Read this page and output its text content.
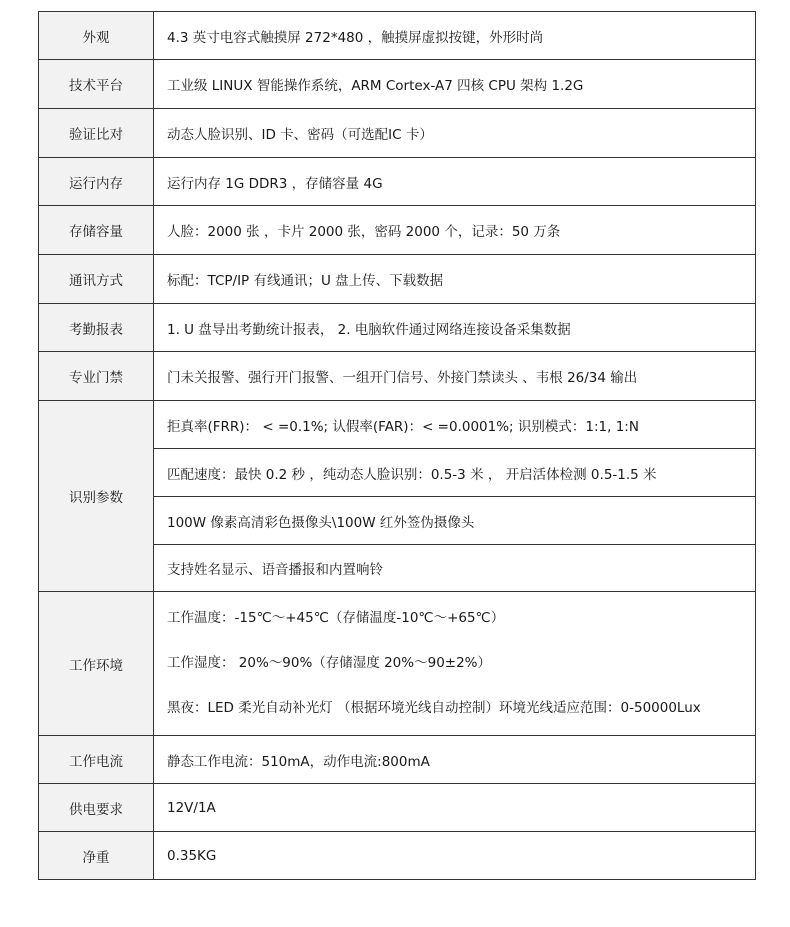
外观	4.3 英寸电容式触摸屏 272*480 ，触摸屏虚拟按键，外形时尚
技术平台	工业级 LINUX 智能操作系统，ARM Cortex-A7 四核 CPU 架构 1.2G
验证比对	动态人脸识别、ID 卡、密码（可选配IC 卡）
运行内存	运行内存 1G DDR3 ，存储容量 4G
存储容量	人脸：2000 张 ，卡片 2000 张，密码 2000 个，记录：50 万条
通讯方式	标配：TCP/IP 有线通讯；U 盘上传、下载数据
考勤报表	1. U 盘导出考勤统计报表， 2. 电脑软件通过网络连接设备采集数据
专业门禁	门未关报警、强行开门报警、一组开门信号、外接门禁读头 、韦根 26/34 输出
识别参数	拒真率(FRR)： < =0.1%; 认假率(FAR)：< =0.0001%; 识别模式：1:1, 1:N
	匹配速度：最快 0.2 秒 ，纯动态人脸识别：0.5-3 米 ， 开启活体检测 0.5-1.5 米
	100W 像素高清彩色摄像头\100W 红外签伪摄像头
	支持姓名显示、语音播报和内置响铃
工作环境	工作温度：-15℃～+45℃（存储温度-10℃～+65℃）
工作湿度： 20%～90%（存储湿度 20%～90±2%）
黑夜：LED 柔光自动补光灯 （根据环境光线自动控制）环境光线适应范围：0-50000Lux

工作电流	静态工作电流：510mA，动作电流:800mA
供电要求	12V/1A
净重	0.35KG
